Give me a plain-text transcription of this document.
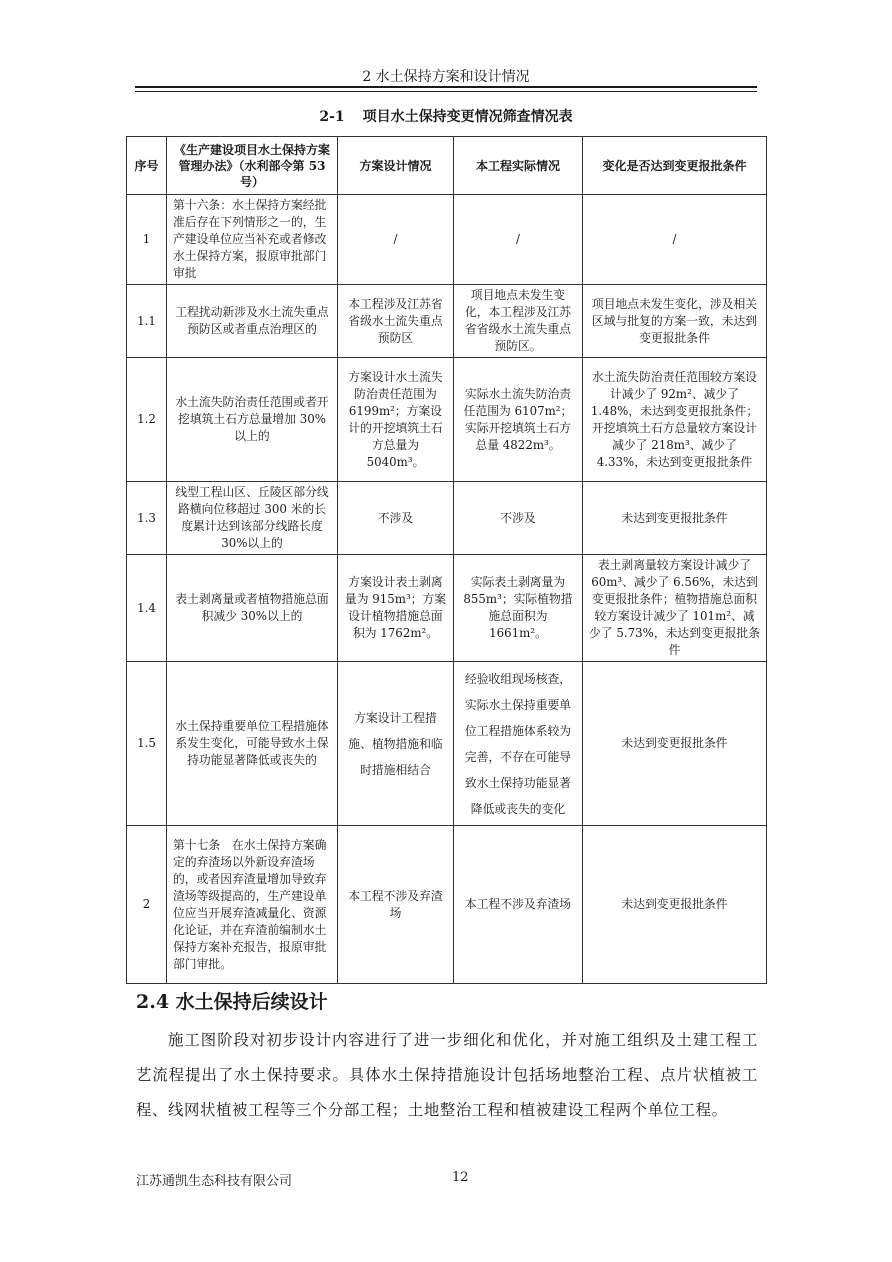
2 水土保持方案和设计情况
2-1 项目水土保持变更情况筛查情况表
序号	《生产建设项目水土保持方案管理办法》（水利部令第 53 号）	方案设计情况	本工程实际情况	变化是否达到变更报批条件
1	第十六条：水土保持方案经批准后存在下列情形之一的，生产建设单位应当补充或者修改水土保持方案，报原审批部门审批	/	/	/
1.1	工程扰动新涉及水土流失重点预防区或者重点治理区的	本工程涉及江苏省省级水土流失重点预防区	项目地点未发生变化，本工程涉及江苏省省级水土流失重点预防区。	项目地点未发生变化，涉及相关区域与批复的方案一致，未达到变更报批条件
1.2	水土流失防治责任范围或者开挖填筑土石方总量增加 30%以上的	方案设计水土流失防治责任范围为 6199m²；方案设计的开挖填筑土石方总量为 5040m³。	实际水土流失防治责任范围为 6107m²；实际开挖填筑土石方总量 4822m³。	水土流失防治责任范围较方案设计减少了 92m²、减少了 1.48%，未达到变更报批条件；开挖填筑土石方总量较方案设计减少了 218m³、减少了 4.33%，未达到变更报批条件
1.3	线型工程山区、丘陵区部分线路横向位移超过 300 米的长度累计达到该部分线路长度 30%以上的	不涉及	不涉及	未达到变更报批条件
1.4	表土剥离量或者植物措施总面积减少 30%以上的	方案设计表土剥离量为 915m³；方案设计植物措施总面积为 1762m²。	实际表土剥离量为 855m³；实际植物措施总面积为 1661m²。	表土剥离量较方案设计减少了 60m³、减少了 6.56%，未达到变更报批条件；植物措施总面积较方案设计减少了 101m²、减少了 5.73%，未达到变更报批条件
1.5	水土保持重要单位工程措施体系发生变化，可能导致水土保持功能显著降低或丧失的	方案设计工程措施、植物措施和临时措施相结合	经验收组现场核查，实际水土保持重要单位工程措施体系较为完善，不存在可能导致水土保持功能显著降低或丧失的变化	未达到变更报批条件
2	第十七条　在水土保持方案确定的弃渣场以外新设弃渣场的，或者因弃渣量增加导致弃渣场等级提高的，生产建设单位应当开展弃渣减量化、资源化论证，并在弃渣前编制水土保持方案补充报告，报原审批部门审批。	本工程不涉及弃渣场	本工程不涉及弃渣场	未达到变更报批条件
2.4 水土保持后续设计
施工图阶段对初步设计内容进行了进一步细化和优化，并对施工组织及土建工程工艺流程提出了水土保持要求。具体水土保持措施设计包括场地整治工程、点片状植被工程、线网状植被工程等三个分部工程；土地整治工程和植被建设工程两个单位工程。
江苏通凯生态科技有限公司	12
